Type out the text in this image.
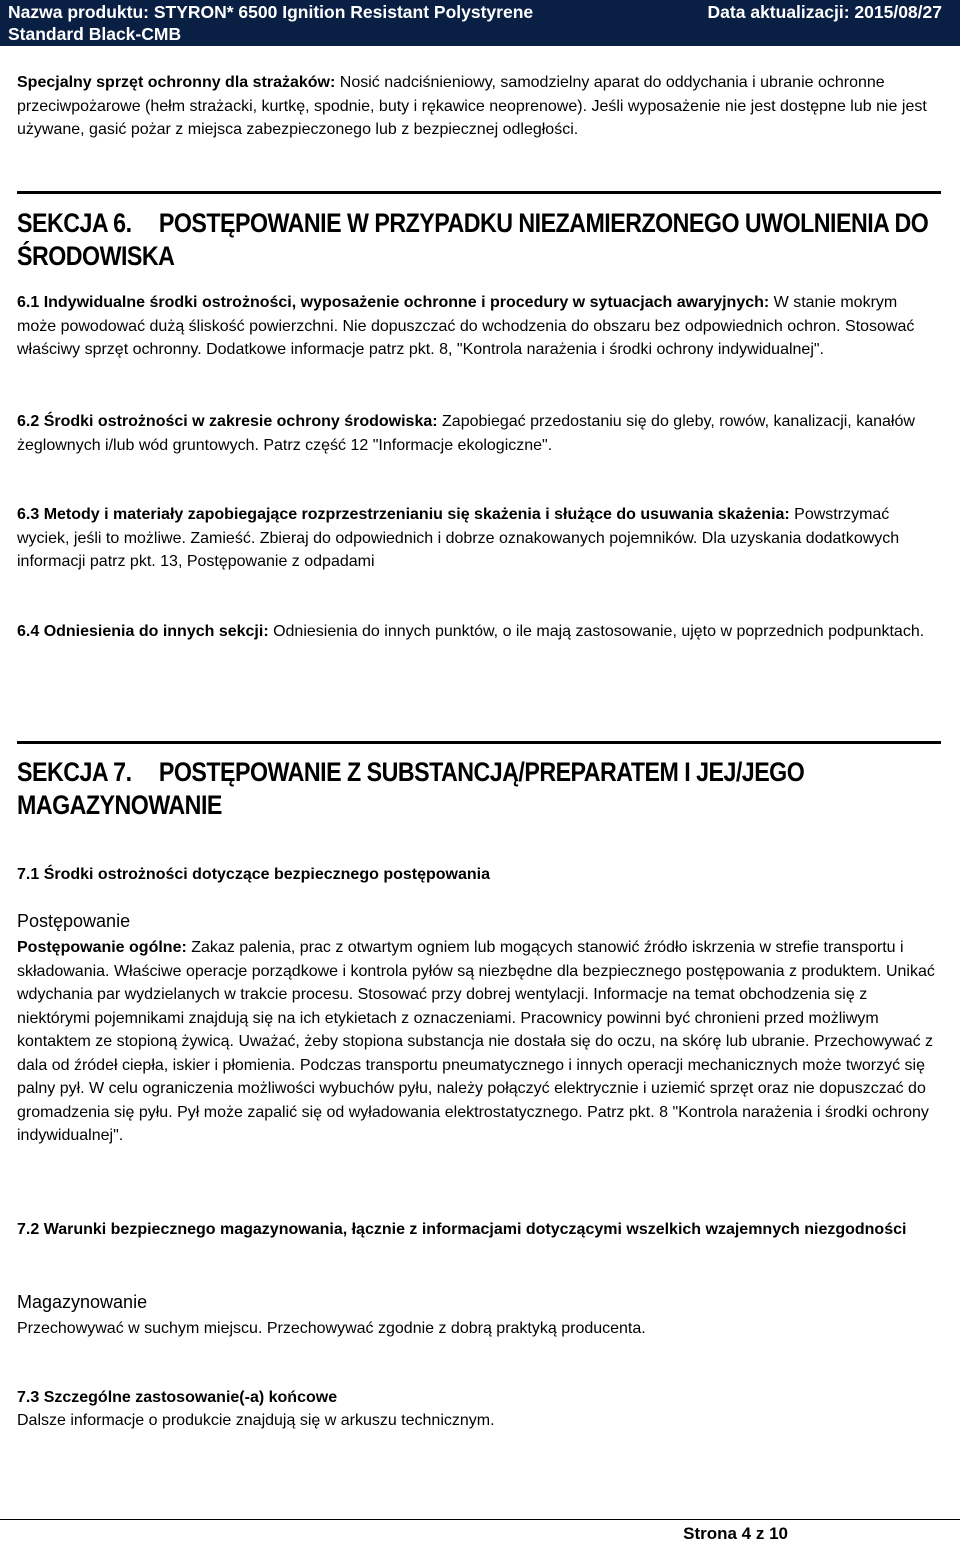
Nazwa produktu: STYRON* 6500 Ignition Resistant Polystyrene
Standard Black-CMB
Data aktualizacji: 2015/08/27
Specjalny sprzęt ochronny dla strażaków: Nosić nadciśnieniowy, samodzielny aparat do oddychania i ubranie ochronne przeciwpożarowe (hełm strażacki, kurtkę, spodnie, buty i rękawice neoprenowe). Jeśli wyposażenie nie jest dostępne lub nie jest używane, gasić pożar z miejsca zabezpieczonego lub z bezpiecznej odległości.
SEKCJA 6. POSTĘPOWANIE W PRZYPADKU NIEZAMIERZONEGO UWOLNIENIA DO ŚRODOWISKA
6.1 Indywidualne środki ostrożności, wyposażenie ochronne i procedury w sytuacjach awaryjnych: W stanie mokrym może powodować dużą śliskość powierzchni. Nie dopuszczać do wchodzenia do obszaru bez odpowiednich ochron. Stosować właściwy sprzęt ochronny. Dodatkowe informacje patrz pkt. 8, "Kontrola narażenia i środki ochrony indywidualnej".
6.2 Środki ostrożności w zakresie ochrony środowiska: Zapobiegać przedostaniu się do gleby, rowów, kanalizacji, kanałów żeglownych i/lub wód gruntowych. Patrz część 12 "Informacje ekologiczne".
6.3 Metody i materiały zapobiegające rozprzestrzenianiu się skażenia i służące do usuwania skażenia: Powstrzymać wyciek, jeśli to możliwe. Zamieść. Zbieraj do odpowiednich i dobrze oznakowanych pojemników. Dla uzyskania dodatkowych informacji patrz pkt. 13, Postępowanie z odpadami
6.4 Odniesienia do innych sekcji: Odniesienia do innych punktów, o ile mają zastosowanie, ujęto w poprzednich podpunktach.
SEKCJA 7. POSTĘPOWANIE Z SUBSTANCJĄ/PREPARATEM I JEJ/JEGO MAGAZYNOWANIE
7.1 Środki ostrożności dotyczące bezpiecznego postępowania
Postępowanie
Postępowanie ogólne: Zakaz palenia, prac z otwartym ogniem lub mogących stanowić źródło iskrzenia w strefie transportu i składowania. Właściwe operacje porządkowe i kontrola pyłów są niezbędne dla bezpiecznego postępowania z produktem. Unikać wdychania par wydzielanych w trakcie procesu. Stosować przy dobrej wentylacji. Informacje na temat obchodzenia się z niektórymi pojemnikami znajdują się na ich etykietach z oznaczeniami. Pracownicy powinni być chronieni przed możliwym kontaktem ze stopioną żywicą. Uważać, żeby stopiona substancja nie dostała się do oczu, na skórę lub ubranie. Przechowywać z dala od źródeł ciepła, iskier i płomienia. Podczas transportu pneumatycznego i innych operacji mechanicznych może tworzyć się palny pył. W celu ograniczenia możliwości wybuchów pyłu, należy połączyć elektrycznie i uziemić sprzęt oraz nie dopuszczać do gromadzenia się pyłu. Pył może zapalić się od wyładowania elektrostatycznego. Patrz pkt. 8 "Kontrola narażenia i środki ochrony indywidualnej".
7.2 Warunki bezpiecznego magazynowania, łącznie z informacjami dotyczącymi wszelkich wzajemnych niezgodności
Magazynowanie
Przechowywać w suchym miejscu. Przechowywać zgodnie z dobrą praktyką producenta.
7.3 Szczególne zastosowanie(-a) końcowe
Dalsze informacje o produkcie znajdują się w arkuszu technicznym.
Strona 4 z 10
